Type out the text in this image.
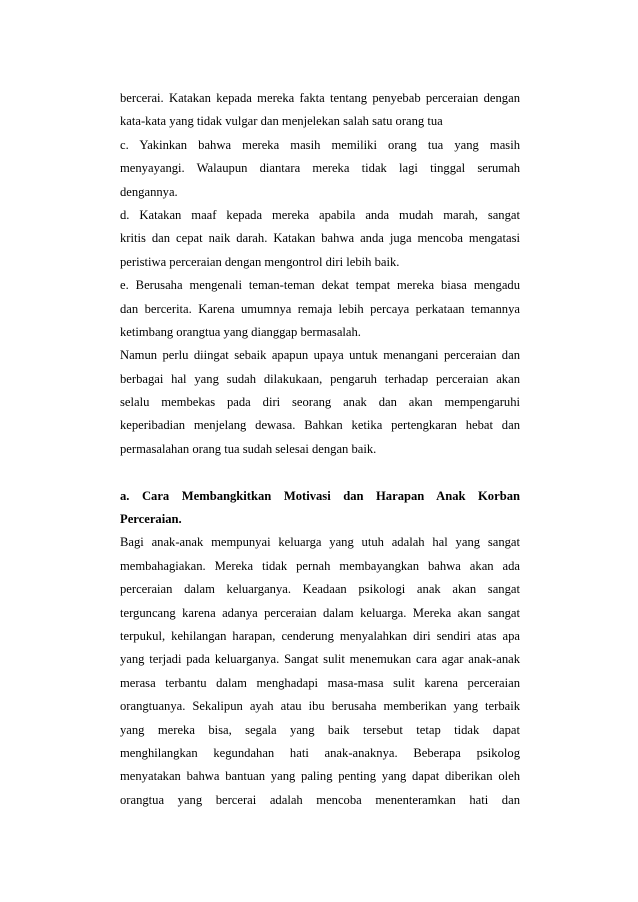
bercerai. Katakan kepada mereka fakta tentang penyebab perceraian dengan
kata-kata yang tidak vulgar dan menjelekan salah satu orang tua
c. Yakinkan bahwa mereka masih memiliki orang tua yang masih
menyayangi. Walaupun diantara mereka tidak lagi tinggal serumah
dengannya.
d. Katakan maaf kepada mereka apabila anda mudah marah, sangat
kritis dan cepat naik darah. Katakan bahwa anda juga mencoba mengatasi
peristiwa perceraian dengan mengontrol diri lebih baik.
e. Berusaha mengenali teman-teman dekat tempat mereka biasa mengadu
dan bercerita. Karena umumnya remaja lebih percaya perkataan temannya
ketimbang orangtua yang dianggap bermasalah.
Namun perlu diingat sebaik apapun upaya untuk menangani perceraian dan
berbagai hal yang sudah dilakukaan, pengaruh terhadap perceraian akan
selalu membekas pada diri seorang anak dan akan mempengaruhi
keperibadian menjelang dewasa. Bahkan ketika pertengkaran hebat dan
permasalahan orang tua sudah selesai dengan baik.
a. Cara Membangkitkan Motivasi dan Harapan Anak Korban
Perceraian.
Bagi anak-anak mempunyai keluarga yang utuh adalah hal yang sangat
membahagiakan. Mereka tidak pernah membayangkan bahwa akan ada
perceraian dalam keluarganya. Keadaan psikologi anak akan sangat
terguncang karena adanya perceraian dalam keluarga. Mereka akan sangat
terpukul, kehilangan harapan, cenderung menyalahkan diri sendiri atas apa
yang terjadi pada keluarganya. Sangat sulit menemukan cara agar anak-anak
merasa terbantu dalam menghadapi masa-masa sulit karena perceraian
orangtuanya. Sekalipun ayah atau ibu berusaha memberikan yang terbaik
yang mereka bisa, segala yang baik tersebut tetap tidak dapat
menghilangkan kegundahan hati anak-anaknya. Beberapa psikolog
menyatakan bahwa bantuan yang paling penting yang dapat diberikan oleh
orangtua yang bercerai adalah mencoba menenteramkan hati dan
